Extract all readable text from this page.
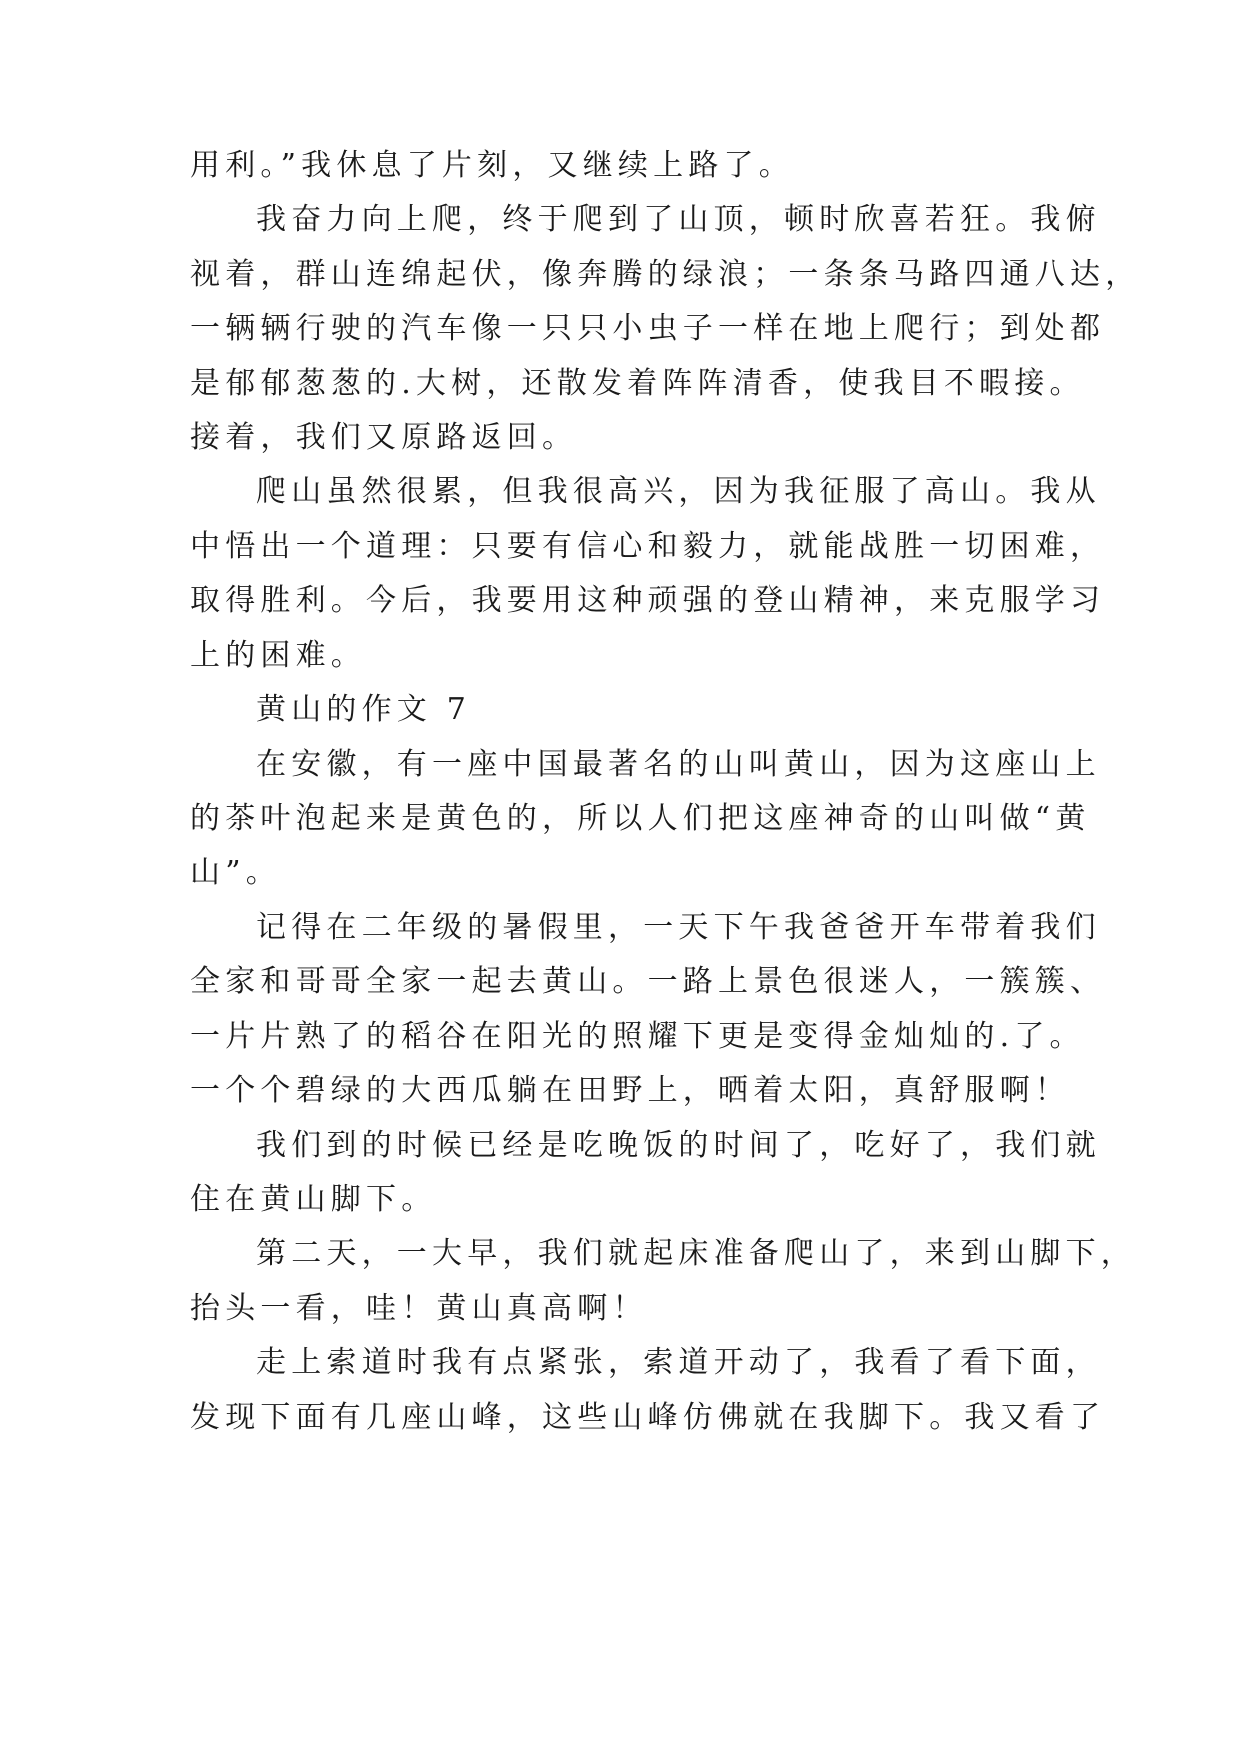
用利。”我休息了片刻，又继续上路了。
我奋力向上爬，终于爬到了山顶，顿时欣喜若狂。我俯
视着，群山连绵起伏，像奔腾的绿浪；一条条马路四通八达，
一辆辆行驶的汽车像一只只小虫子一样在地上爬行；到处都
是郁郁葱葱的.大树，还散发着阵阵清香，使我目不暇接。
接着，我们又原路返回。
爬山虽然很累，但我很高兴，因为我征服了高山。我从
中悟出一个道理：只要有信心和毅力，就能战胜一切困难，
取得胜利。今后，我要用这种顽强的登山精神，来克服学习
上的困难。
黄山的作文 7
在安徽，有一座中国最著名的山叫黄山，因为这座山上
的茶叶泡起来是黄色的，所以人们把这座神奇的山叫做“黄
山”。
记得在二年级的暑假里，一天下午我爸爸开车带着我们
全家和哥哥全家一起去黄山。一路上景色很迷人，一簇簇、
一片片熟了的稻谷在阳光的照耀下更是变得金灿灿的.了。
一个个碧绿的大西瓜躺在田野上，晒着太阳，真舒服啊！
我们到的时候已经是吃晚饭的时间了，吃好了，我们就
住在黄山脚下。
第二天，一大早，我们就起床准备爬山了，来到山脚下，
抬头一看，哇！黄山真高啊！
走上索道时我有点紧张，索道开动了，我看了看下面，
发现下面有几座山峰，这些山峰仿佛就在我脚下。我又看了
